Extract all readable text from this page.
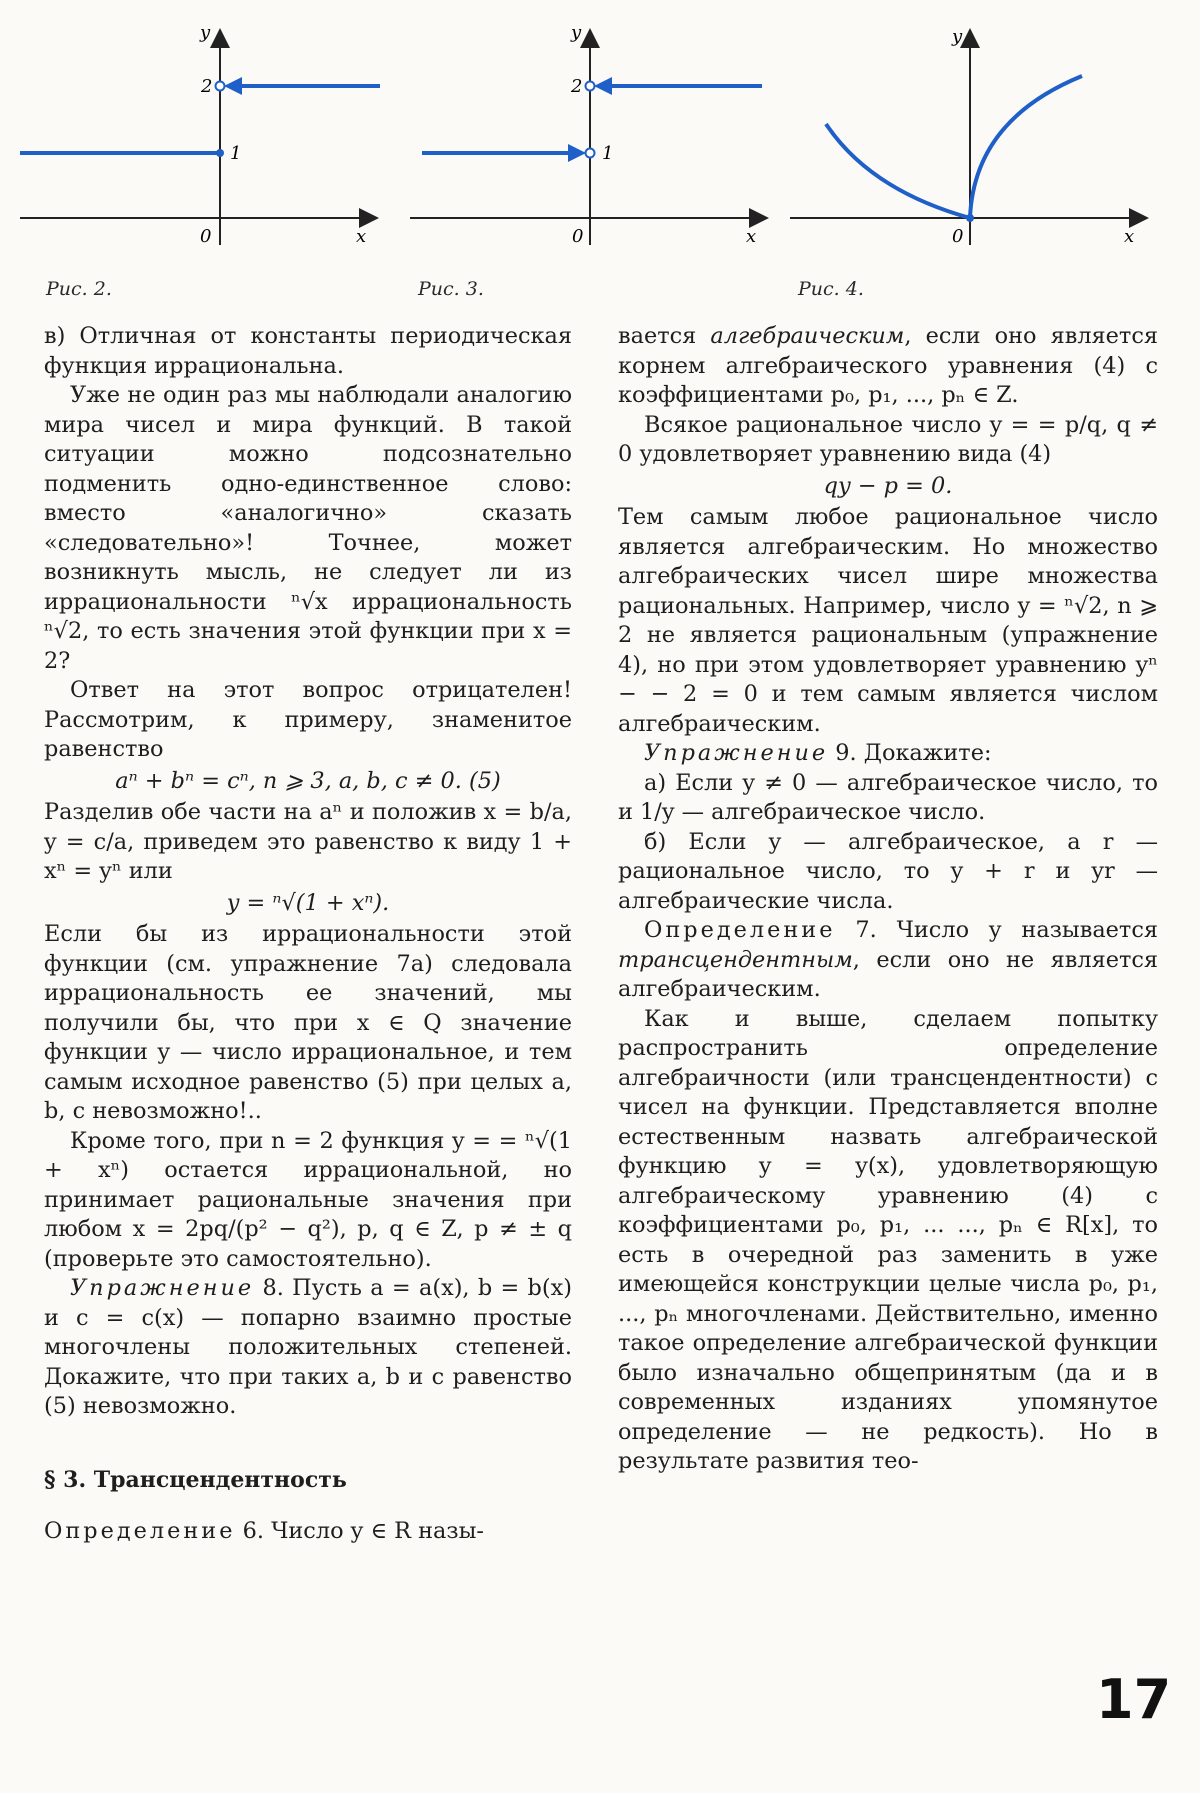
y
x
0
2
1
Рис. 2.
y
x
0
2
1
Рис. 3.
y
x
0
Рис. 4.

в) Отличная от константы периодическая функция иррациональна.

Уже не один раз мы наблюдали аналогию мира чисел и мира функций. В такой ситуации можно подсознательно подменить одно-единственное слово: вместо «аналогично» сказать «следовательно»! Точнее, может возникнуть мысль, не следует ли из иррациональности ⁿ√x иррациональность ⁿ√2, то есть значения этой функции при x = 2?

Ответ на этот вопрос отрицателен! Рассмотрим, к примеру, знаменитое равенство

aⁿ + bⁿ = cⁿ, n ⩾ 3, a, b, c ≠ 0. (5)

Разделив обе части на aⁿ и положив x = b/a, y = c/a, приведем это равенство к виду 1 + xⁿ = yⁿ или

y = ⁿ√(1 + xⁿ).

Если бы из иррациональности этой функции (см. упражнение 7а) следовала иррациональность ее значений, мы получили бы, что при x ∈ Q значение функции y — число иррациональное, и тем самым исходное равенство (5) при целых a, b, c невозможно!..

Кроме того, при n = 2 функция y = = ⁿ√(1 + xⁿ) остается иррациональной, но принимает рациональные значения при любом x = 2pq/(p² − q²), p, q ∈ Z, p ≠ ± q (проверьте это самостоятельно).

Упражнение 8. Пусть a = a(x), b = b(x) и c = c(x) — попарно взаимно простые многочлены положительных степеней. Докажите, что при таких a, b и c равенство (5) невозможно.

§ 3. Трансцендентность

Определение 6. Число y ∈ R назы-

вается алгебраическим, если оно является корнем алгебраического уравнения (4) с коэффициентами p₀, p₁, ..., pₙ ∈ Z.

Всякое рациональное число y = = p/q, q ≠ 0 удовлетворяет уравнению вида (4)

qy − p = 0.

Тем самым любое рациональное число является алгебраическим. Но множество алгебраических чисел шире множества рациональных. Например, число y = ⁿ√2, n ⩾ 2 не является рациональным (упражнение 4), но при этом удовлетворяет уравнению yⁿ − − 2 = 0 и тем самым является числом алгебраическим.

Упражнение 9. Докажите:

а) Если y ≠ 0 — алгебраическое число, то и 1/y — алгебраическое число.

б) Если y — алгебраическое, а r — рациональное число, то y + r и yr — алгебраические числа.

Определение 7. Число y называется трансцендентным, если оно не является алгебраическим.

Как и выше, сделаем попытку распространить определение алгебраичности (или трансцендентности) с чисел на функции. Представляется вполне естественным назвать алгебраической функцию y = y(x), удовлетворяющую алгебраическому уравнению (4) с коэффициентами p₀, p₁, ... ..., pₙ ∈ R[x], то есть в очередной раз заменить в уже имеющейся конструкции целые числа p₀, p₁, ..., pₙ многочленами. Действительно, именно такое определение алгебраической функции было изначально общепринятым (да и в современных изданиях упомянутое определение — не редкость). Но в результате развития тео-

17
